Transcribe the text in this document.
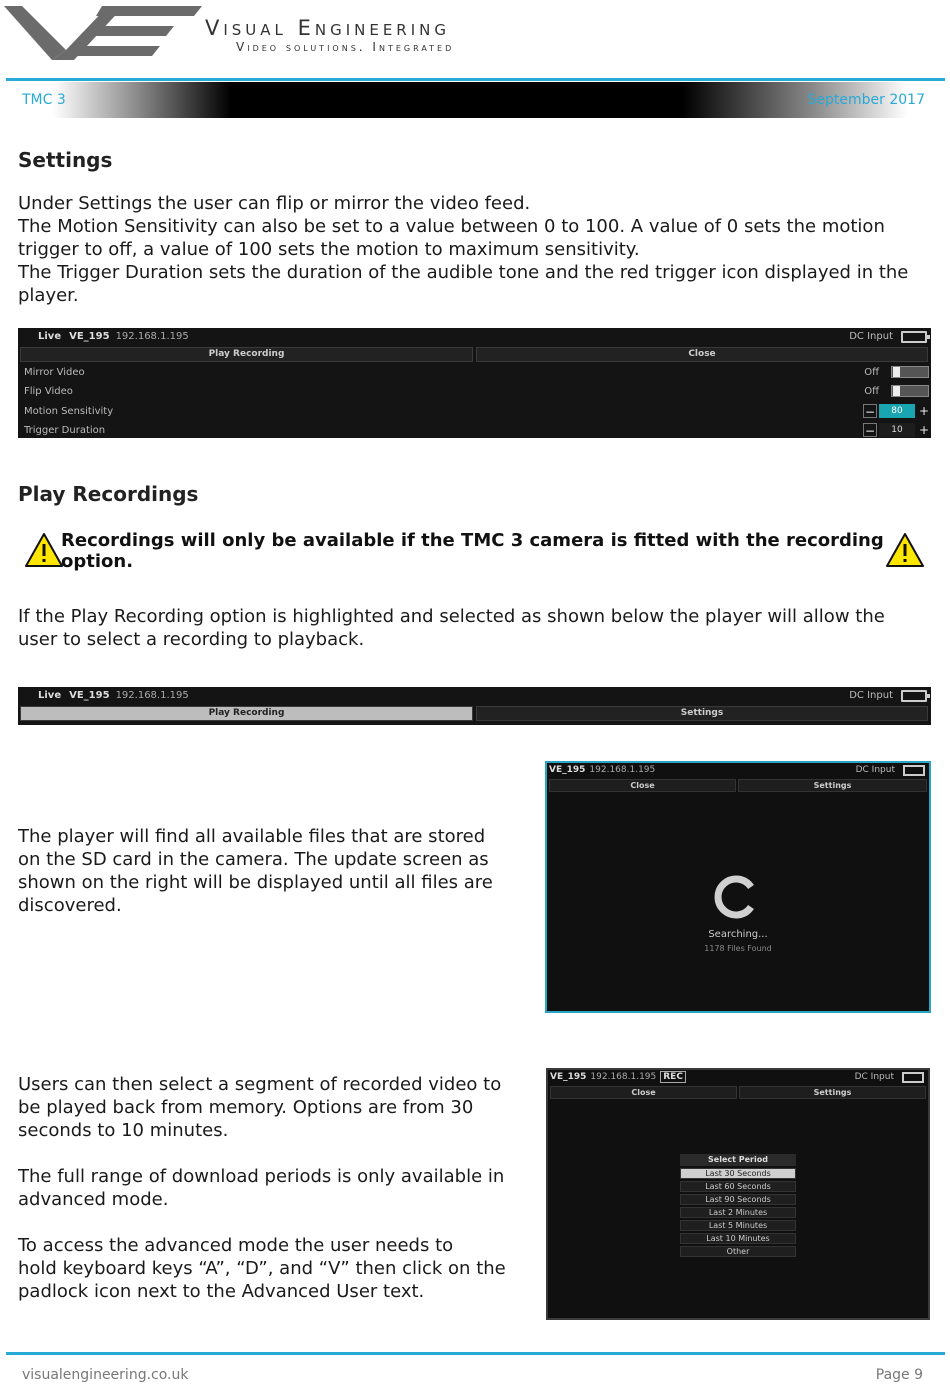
Visual Engineering
Video solutions. Integrated
TMC 3	September 2017
Settings
Under Settings the user can flip or mirror the video feed.
The Motion Sensitivity can also be set to a value between 0 to 100. A value of 0 sets the motion
trigger to off, a value of 100 sets the motion to maximum sensitivity.
The Trigger Duration sets the duration of the audible tone and the red trigger icon displayed in the
player.
Live VE_195 192.168.1.195	DC Input
Play Recording	Close
Mirror Video	Off
Flip Video	Off
Motion Sensitivity	−	80	+
Trigger Duration	−	10	+
Play Recordings
Recordings will only be available if the TMC 3 camera is fitted with the recording option.
If the Play Recording option is highlighted and selected as shown below the player will allow the
user to select a recording to playback.
Live VE_195 192.168.1.195	DC Input
Play Recording	Settings
The player will find all available files that are stored
on the SD card in the camera. The update screen as
shown on the right will be displayed until all files are
discovered.
VE_195 192.168.1.195	DC Input
Close	Settings
Searching...
1178 Files Found
Users can then select a segment of recorded video to
be played back from memory. Options are from 30
seconds to 10 minutes.
The full range of download periods is only available in
advanced mode.
To access the advanced mode the user needs to
hold keyboard keys “A”, “D”, and “V” then click on the
padlock icon next to the Advanced User text.
VE_195 192.168.1.195 REC	DC Input
Close	Settings
Select Period
Last 30 Seconds
Last 60 Seconds
Last 90 Seconds
Last 2 Minutes
Last 5 Minutes
Last 10 Minutes
Other
visualengineering.co.uk	Page 9
